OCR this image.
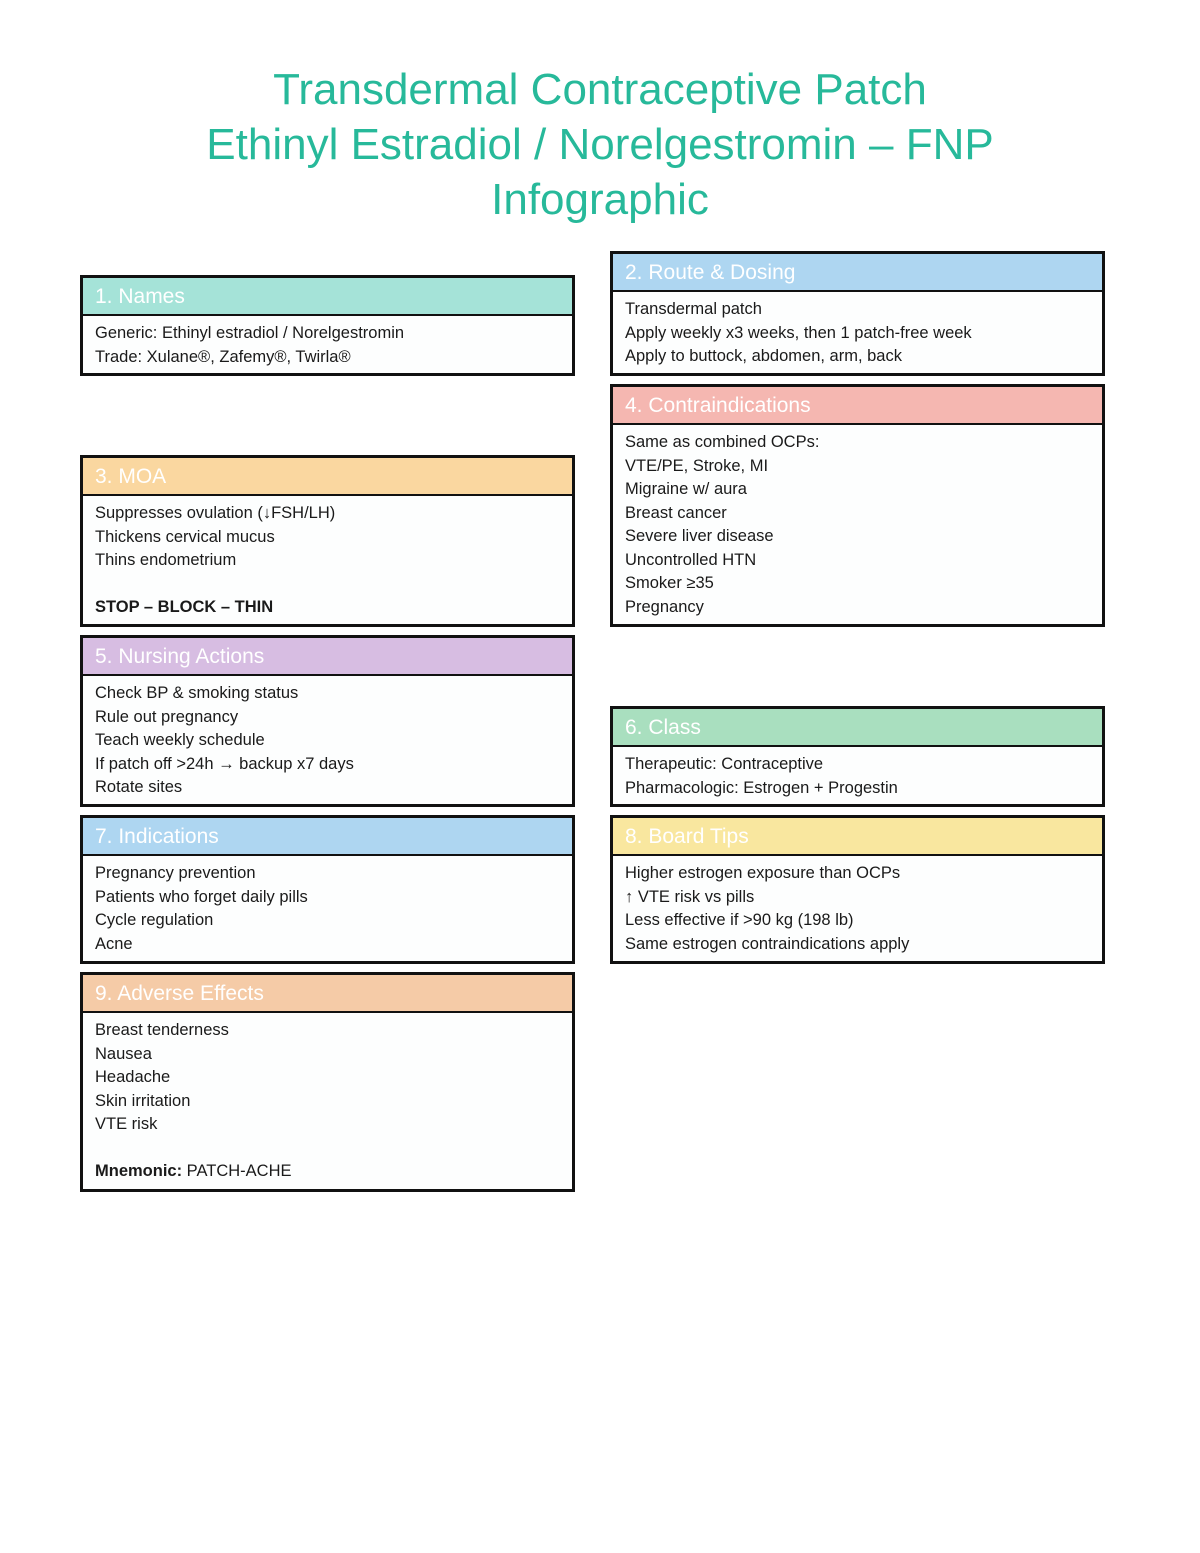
Transdermal Contraceptive Patch
Ethinyl Estradiol / Norelgestromin – FNP
Infographic
1. Names
Generic: Ethinyl estradiol / Norelgestromin
Trade: Xulane®, Zafemy®, Twirla®
2. Route & Dosing
Transdermal patch
Apply weekly x3 weeks, then 1 patch-free week
Apply to buttock, abdomen, arm, back
3. MOA
Suppresses ovulation (↓FSH/LH)
Thickens cervical mucus
Thins endometrium
STOP – BLOCK – THIN
4. Contraindications
Same as combined OCPs:
VTE/PE, Stroke, MI
Migraine w/ aura
Breast cancer
Severe liver disease
Uncontrolled HTN
Smoker ≥35
Pregnancy
5. Nursing Actions
Check BP & smoking status
Rule out pregnancy
Teach weekly schedule
If patch off >24h → backup x7 days
Rotate sites
6. Class
Therapeutic: Contraceptive
Pharmacologic: Estrogen + Progestin
7. Indications
Pregnancy prevention
Patients who forget daily pills
Cycle regulation
Acne
8. Board Tips
Higher estrogen exposure than OCPs
↑ VTE risk vs pills
Less effective if >90 kg (198 lb)
Same estrogen contraindications apply
9. Adverse Effects
Breast tenderness
Nausea
Headache
Skin irritation
VTE risk
Mnemonic: PATCH-ACHE
